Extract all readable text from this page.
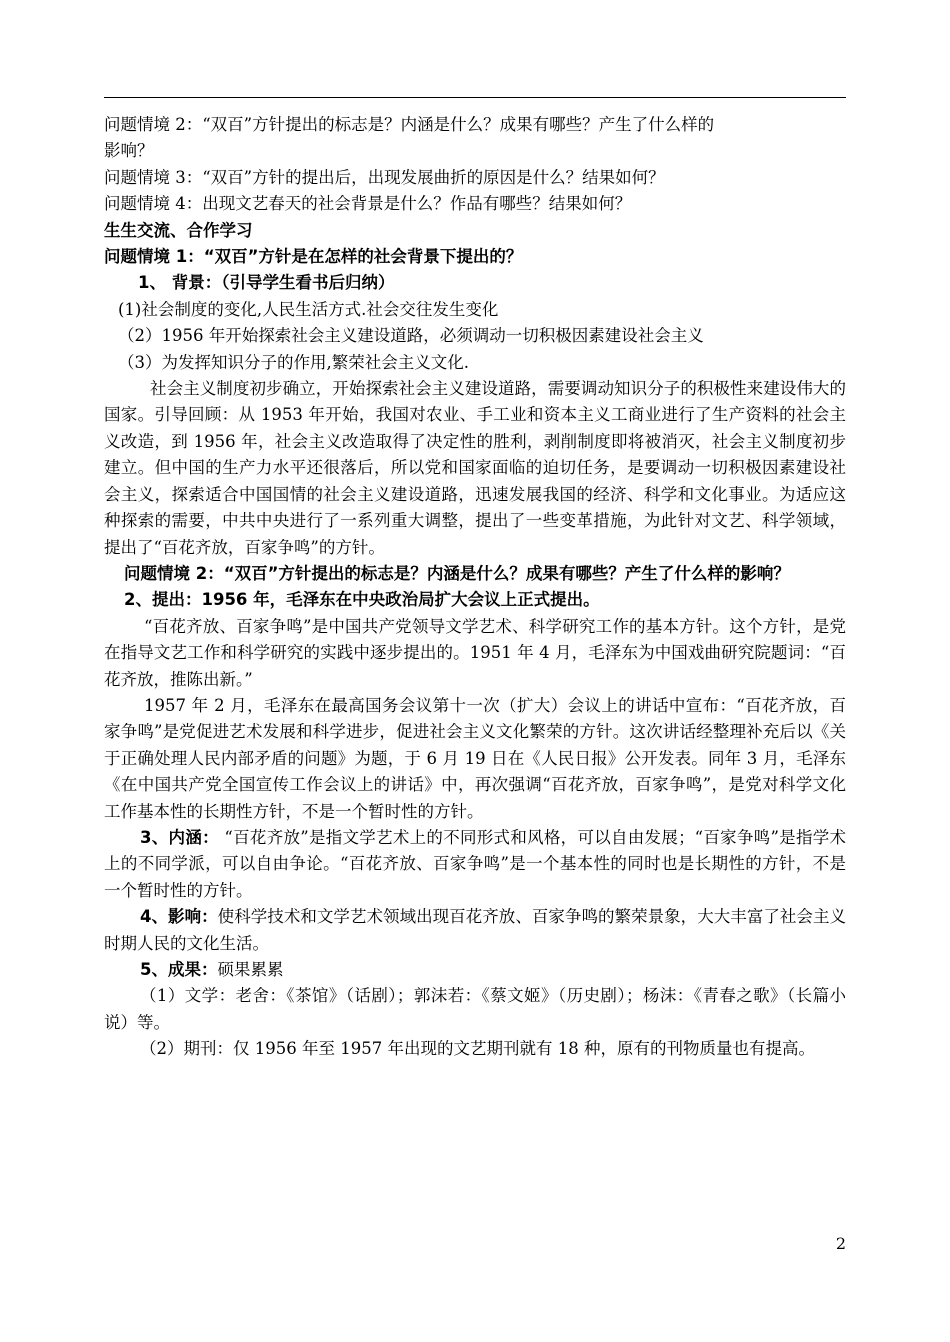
问题情境 2：“双百”方针提出的标志是？内涵是什么？成果有哪些？产生了什么样的
影响？
问题情境 3：“双百”方针的提出后，出现发展曲折的原因是什么？结果如何？
问题情境 4：出现文艺春天的社会背景是什么？作品有哪些？结果如何？
生生交流、合作学习
问题情境 1：“双百”方针是在怎样的社会背景下提出的？
1、 背景：（引导学生看书后归纳）
(1)社会制度的变化,人民生活方式.社会交往发生变化
（2）1956 年开始探索社会主义建设道路，必须调动一切积极因素建设社会主义
（3）为发挥知识分子的作用,繁荣社会主义文化.
社会主义制度初步确立，开始探索社会主义建设道路，需要调动知识分子的积极性来建设伟大的国家。引导回顾：从 1953 年开始，我国对农业、手工业和资本主义工商业进行了生产资料的社会主义改造，到 1956 年，社会主义改造取得了决定性的胜利，剥削制度即将被消灭，社会主义制度初步建立。但中国的生产力水平还很落后，所以党和国家面临的迫切任务，是要调动一切积极因素建设社会主义，探索适合中国国情的社会主义建设道路，迅速发展我国的经济、科学和文化事业。为适应这种探索的需要，中共中央进行了一系列重大调整，提出了一些变革措施，为此针对文艺、科学领域，提出了“百花齐放，百家争鸣”的方针。
问题情境 2：“双百”方针提出的标志是？内涵是什么？成果有哪些？产生了什么样的影响？
2、提出：1956 年，毛泽东在中央政治局扩大会议上正式提出。
“百花齐放、百家争鸣”是中国共产党领导文学艺术、科学研究工作的基本方针。这个方针，是党在指导文艺工作和科学研究的实践中逐步提出的。1951 年 4 月，毛泽东为中国戏曲研究院题词：“百花齐放，推陈出新。”
1957 年 2 月，毛泽东在最高国务会议第十一次（扩大）会议上的讲话中宣布：“百花齐放，百家争鸣”是党促进艺术发展和科学进步，促进社会主义文化繁荣的方针。这次讲话经整理补充后以《关于正确处理人民内部矛盾的问题》为题，于 6 月 19 日在《人民日报》公开发表。同年 3 月，毛泽东《在中国共产党全国宣传工作会议上的讲话》中，再次强调“百花齐放，百家争鸣”，是党对科学文化工作基本性的长期性方针，不是一个暂时性的方针。
3、内涵： “百花齐放”是指文学艺术上的不同形式和风格，可以自由发展；“百家争鸣”是指学术上的不同学派，可以自由争论。“百花齐放、百家争鸣”是一个基本性的同时也是长期性的方针，不是一个暂时性的方针。
4、影响：使科学技术和文学艺术领域出现百花齐放、百家争鸣的繁荣景象，大大丰富了社会主义时期人民的文化生活。
5、成果：硕果累累
（1）文学：老舍：《茶馆》（话剧）；郭沫若：《蔡文姬》（历史剧）；杨沫：《青春之歌》（长篇小说）等。
（2）期刊：仅 1956 年至 1957 年出现的文艺期刊就有 18 种，原有的刊物质量也有提高。
2
